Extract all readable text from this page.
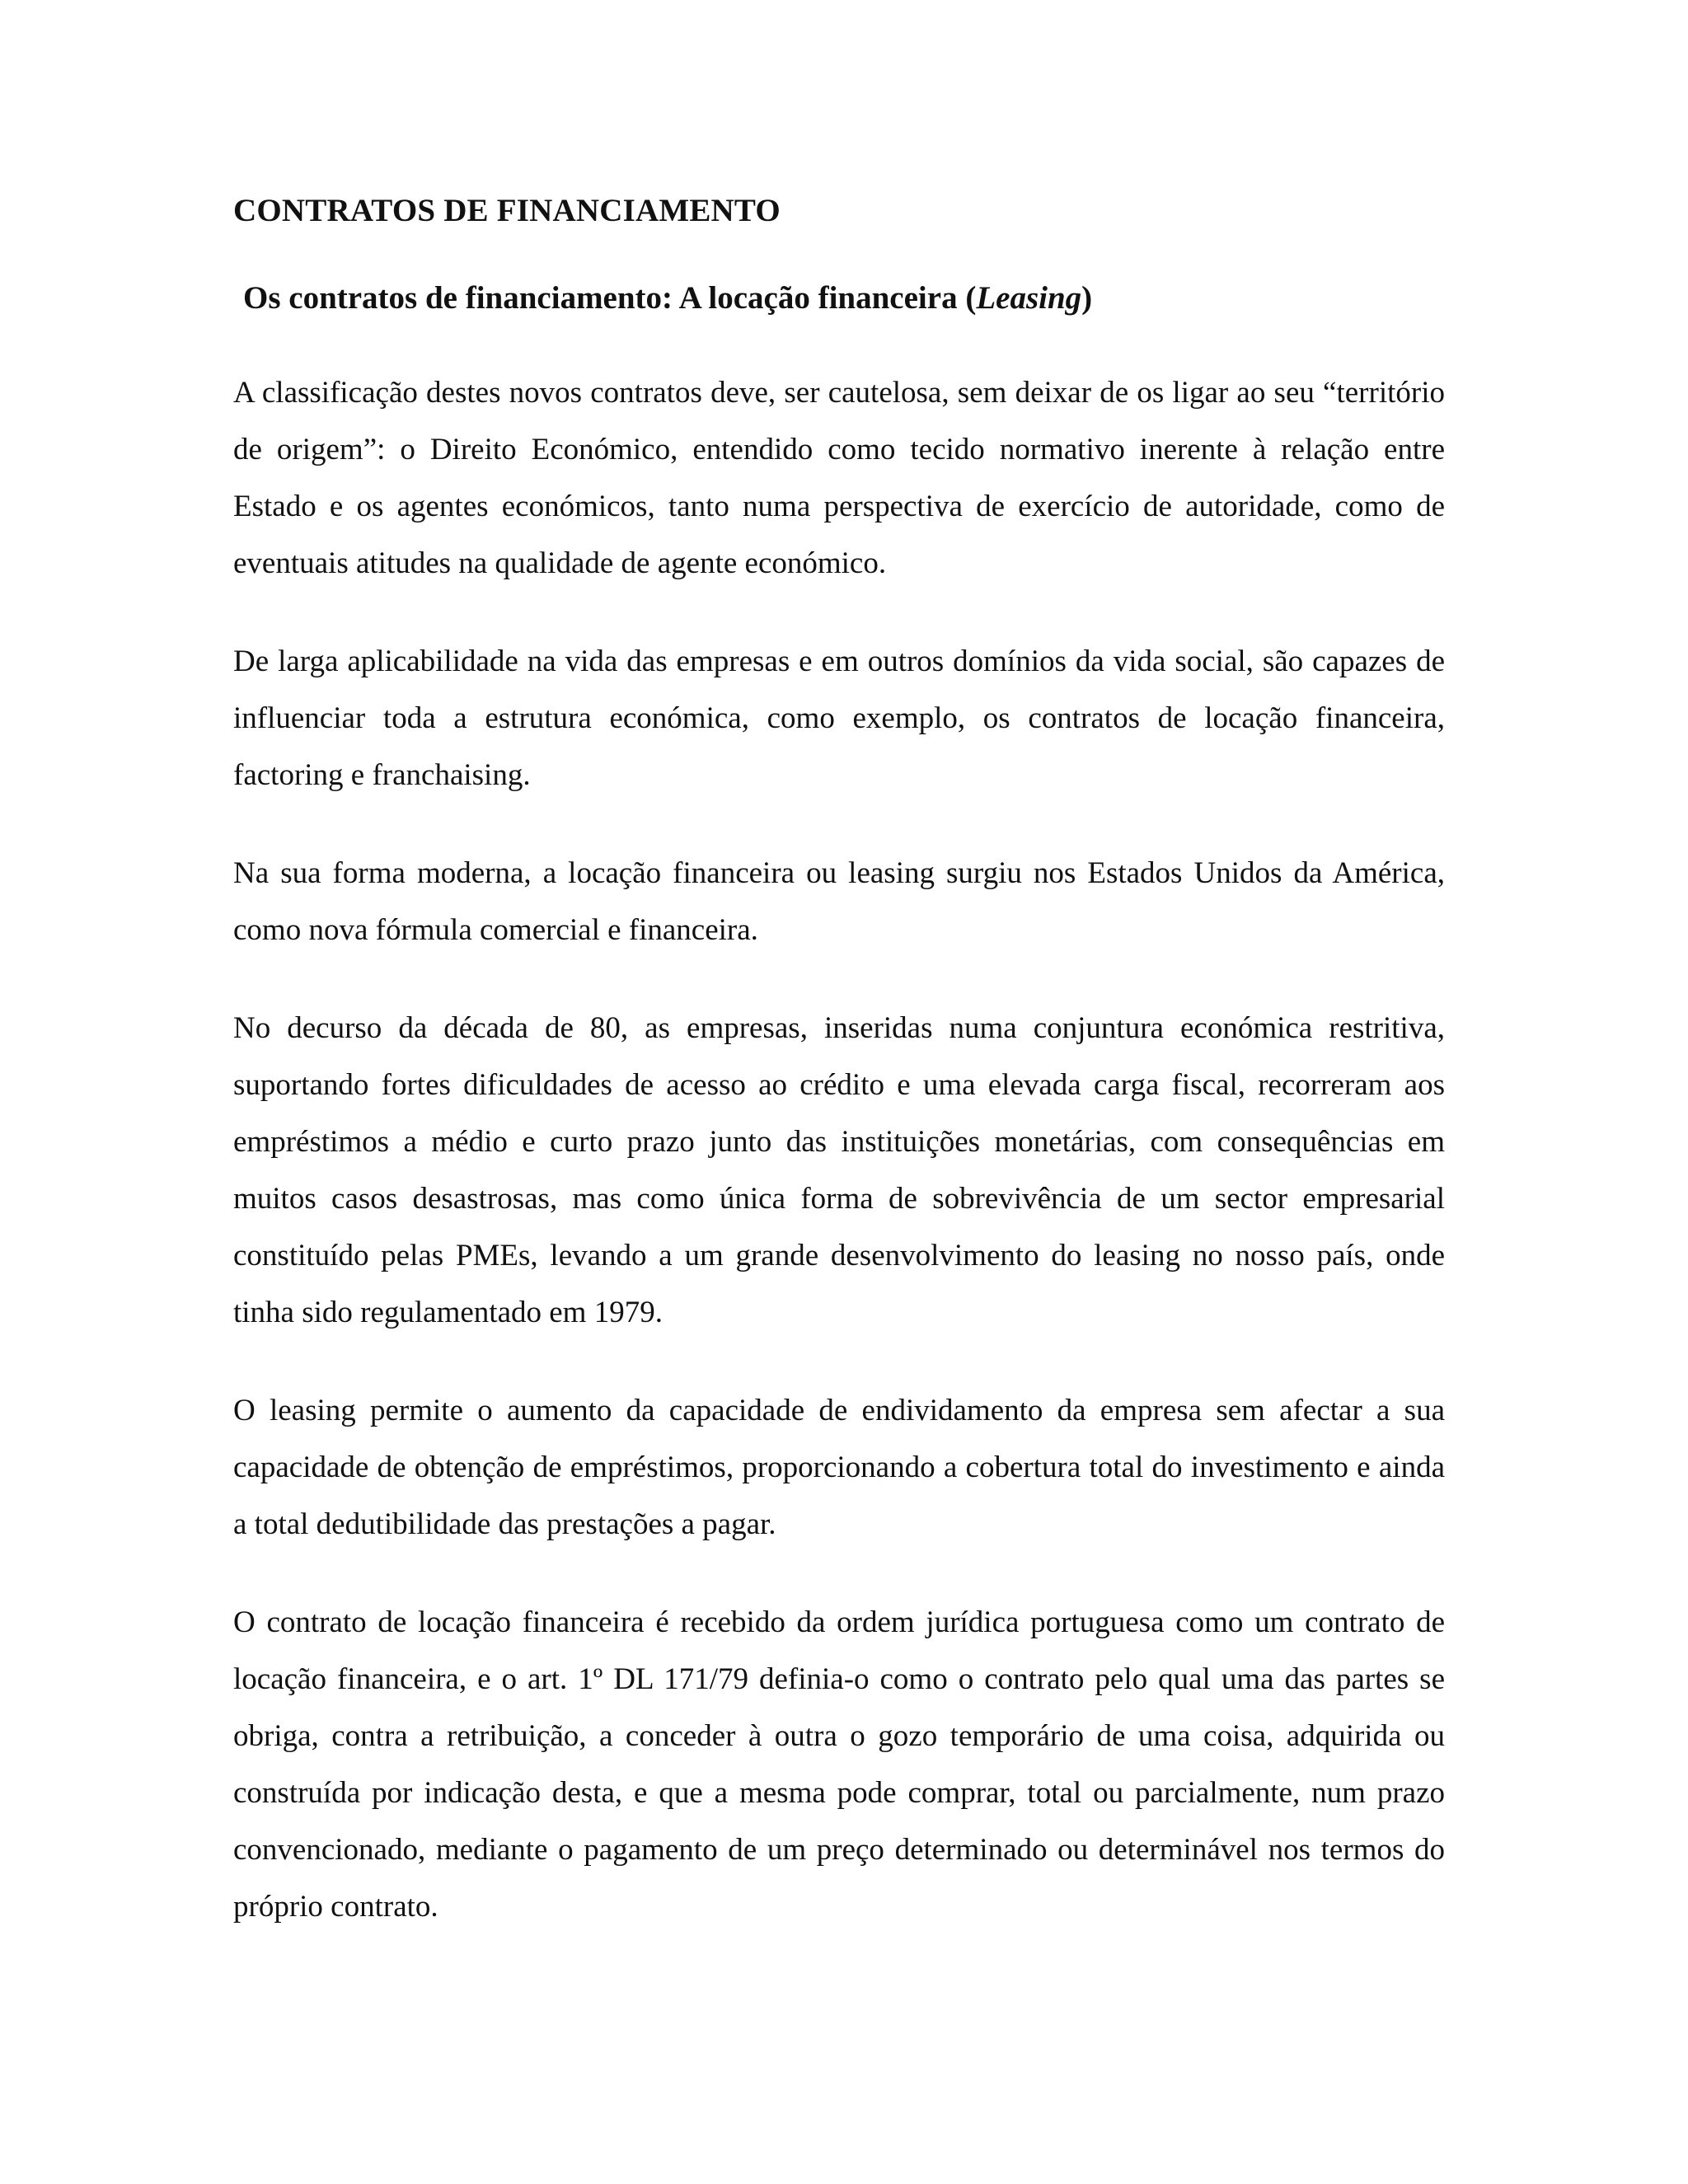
CONTRATOS DE FINANCIAMENTO
Os contratos de financiamento: A locação financeira (Leasing)

A classificação destes novos contratos deve, ser cautelosa, sem deixar de os ligar ao seu “território de origem”: o Direito Económico, entendido como tecido normativo inerente à relação entre Estado e os agentes económicos, tanto numa perspectiva de exercício de autoridade, como de eventuais atitudes na qualidade de agente económico.

De larga aplicabilidade na vida das empresas e em outros domínios da vida social, são capazes de influenciar toda a estrutura económica, como exemplo, os contratos de locação financeira, factoring e franchaising.

Na sua forma moderna, a locação financeira ou leasing surgiu nos Estados Unidos da América, como nova fórmula comercial e financeira.

No decurso da década de 80, as empresas, inseridas numa conjuntura económica restritiva, suportando fortes dificuldades de acesso ao crédito e uma elevada carga fiscal, recorreram aos empréstimos a médio e curto prazo junto das instituições monetárias, com consequências em muitos casos desastrosas, mas como única forma de sobrevivência de um sector empresarial constituído pelas PMEs, levando a um grande desenvolvimento do leasing no nosso país, onde tinha sido regulamentado em 1979.

O leasing permite o aumento da capacidade de endividamento da empresa sem afectar a sua capacidade de obtenção de empréstimos, proporcionando a cobertura total do investimento e ainda a total dedutibilidade das prestações a pagar.

O contrato de locação financeira é recebido da ordem jurídica portuguesa como um contrato de locação financeira, e o art. 1º DL 171/79 definia-o como o contrato pelo qual uma das partes se obriga, contra a retribuição, a conceder à outra o gozo temporário de uma coisa, adquirida ou construída por indicação desta, e que a mesma pode comprar, total ou parcialmente, num prazo convencionado, mediante o pagamento de um preço determinado ou determinável nos termos do próprio contrato.
